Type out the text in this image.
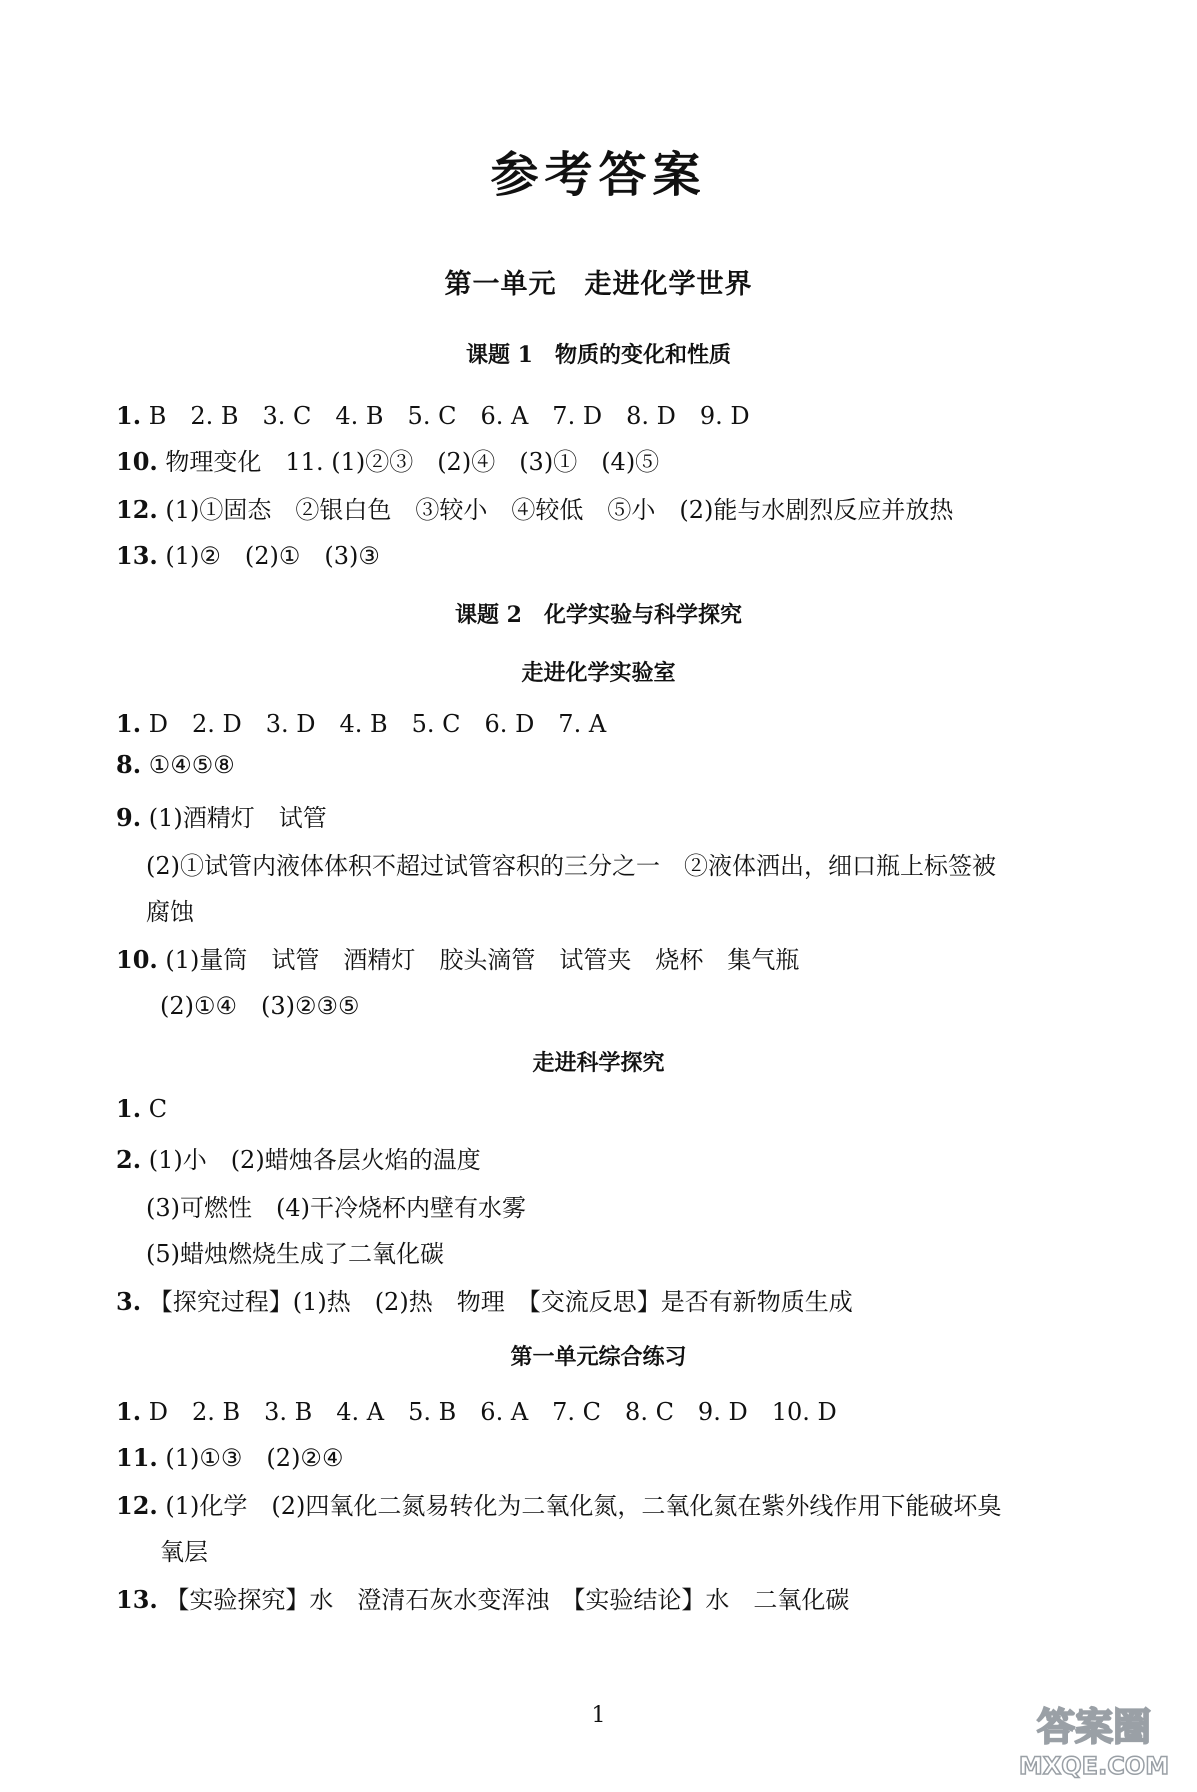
参考答案
第一单元　走进化学世界
课题 1　物质的变化和性质
1. B　2. B　3. C　4. B　5. C　6. A　7. D　8. D　9. D
10. 物理变化　11. (1)②③　(2)④　(3)①　(4)⑤
12. (1)①固态　②银白色　③较小　④较低　⑤小　(2)能与水剧烈反应并放热
13. (1)②　(2)①　(3)③
课题 2　化学实验与科学探究
走进化学实验室
1. D　2. D　3. D　4. B　5. C　6. D　7. A
8. ①④⑤⑧
9. (1)酒精灯　试管
(2)①试管内液体体积不超过试管容积的三分之一　②液体洒出，细口瓶上标签被
腐蚀
10. (1)量筒　试管　酒精灯　胶头滴管　试管夹　烧杯　集气瓶
(2)①④　(3)②③⑤
走进科学探究
1. C
2. (1)小　(2)蜡烛各层火焰的温度
(3)可燃性　(4)干冷烧杯内壁有水雾
(5)蜡烛燃烧生成了二氧化碳
3. 【探究过程】(1)热　(2)热　物理　【交流反思】是否有新物质生成
第一单元综合练习
1. D　2. B　3. B　4. A　5. B　6. A　7. C　8. C　9. D　10. D
11. (1)①③　(2)②④
12. (1)化学　(2)四氧化二氮易转化为二氧化氮，二氧化氮在紫外线作用下能破坏臭
氧层
13. 【实验探究】水　澄清石灰水变浑浊　【实验结论】水　二氧化碳
1	答案圈
MXQE.COM
